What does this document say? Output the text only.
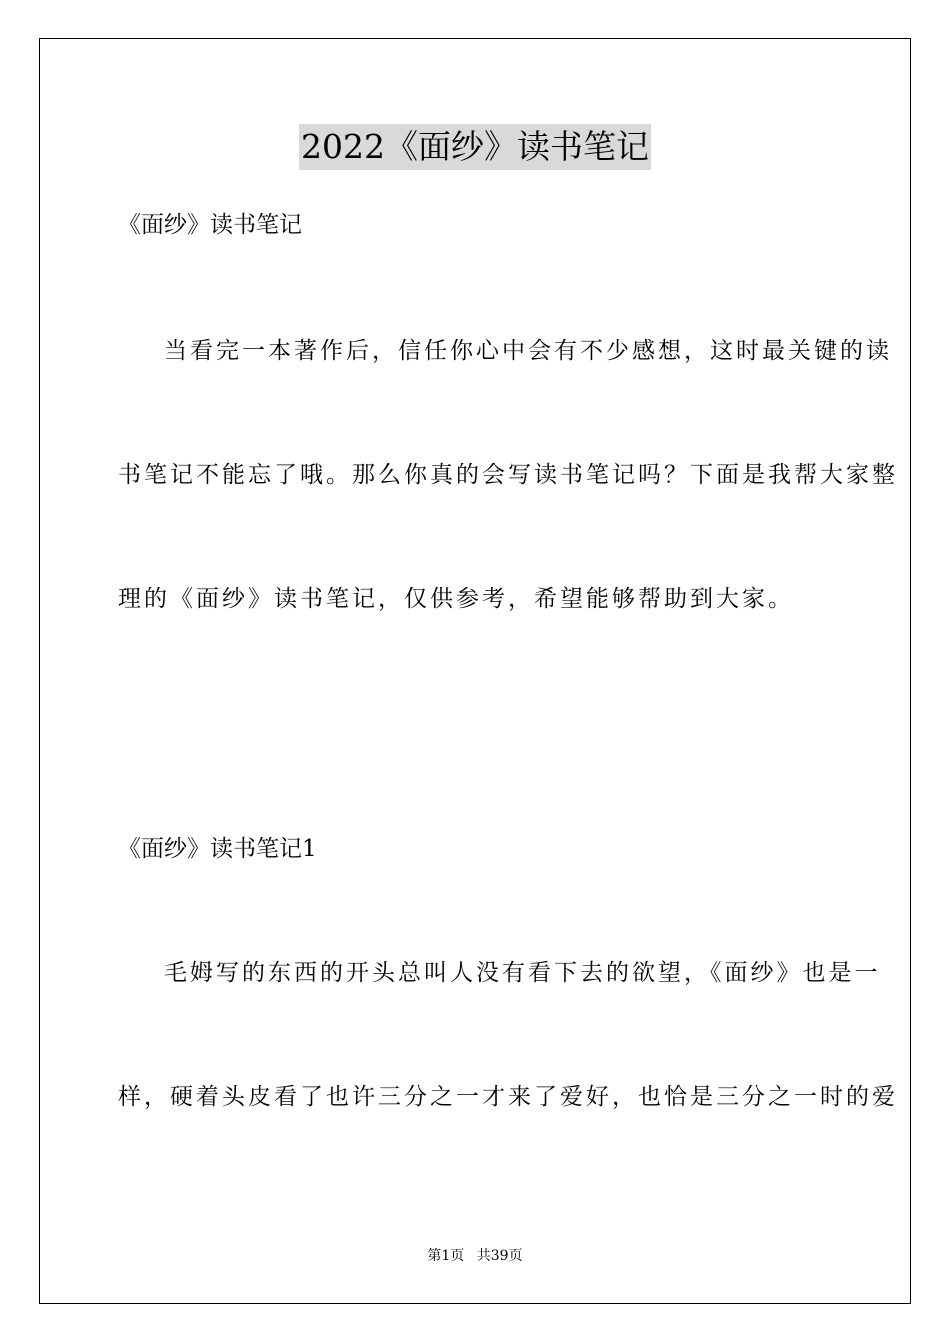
2022《面纱》读书笔记
《面纱》读书笔记
当看完一本著作后，信任你心中会有不少感想，这时最关键的读
书笔记不能忘了哦。那么你真的会写读书笔记吗？下面是我帮大家整
理的《面纱》读书笔记，仅供参考，希望能够帮助到大家。
《面纱》读书笔记1
毛姆写的东西的开头总叫人没有看下去的欲望，《面纱》也是一
样，硬着头皮看了也许三分之一才来了爱好，也恰是三分之一时的爱
第1页 共39页
